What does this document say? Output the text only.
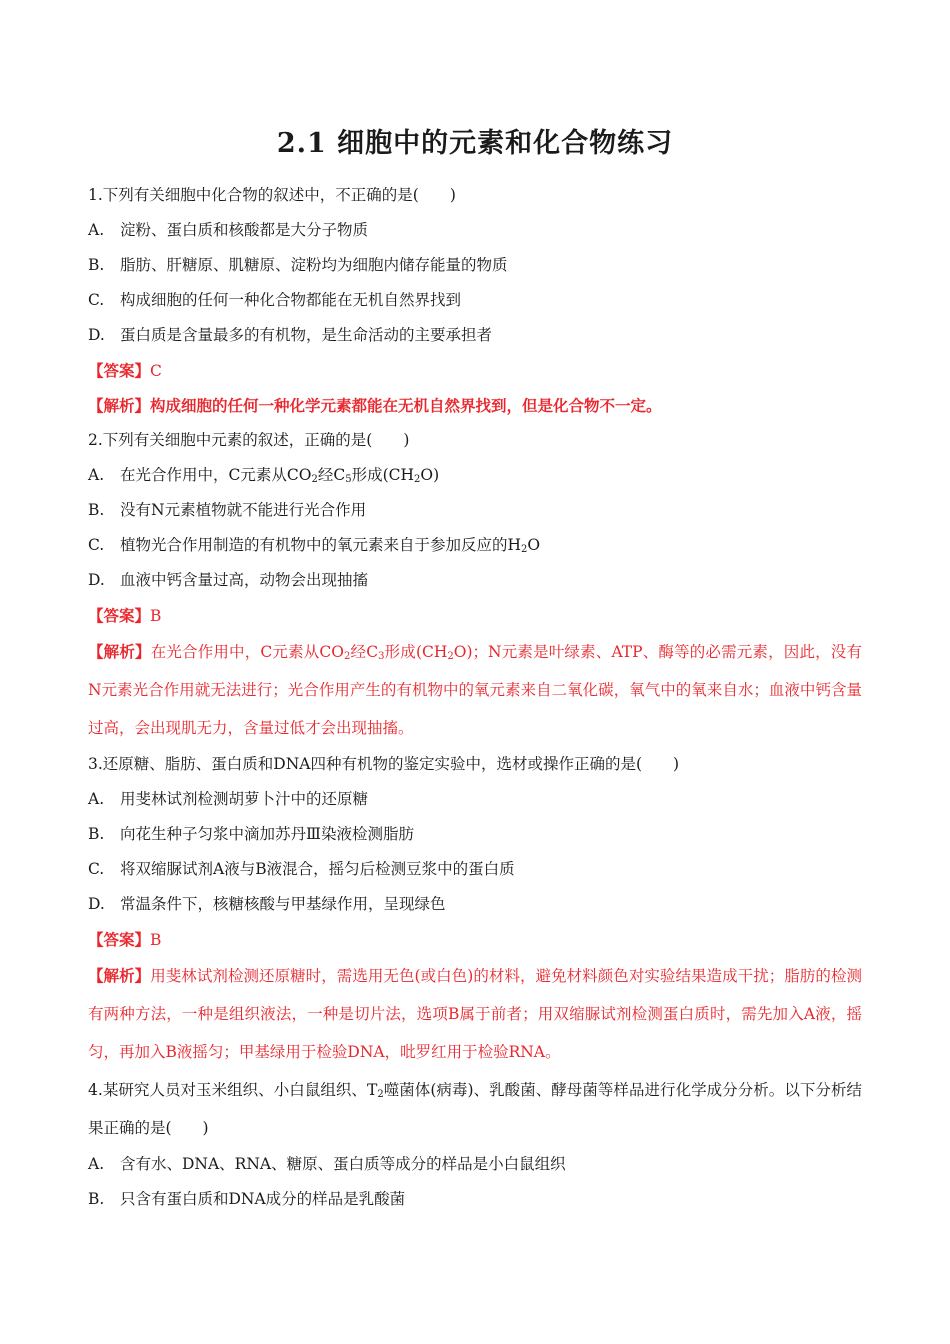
2.1 细胞中的元素和化合物练习
1.下列有关细胞中化合物的叙述中，不正确的是(　　)
A. 淀粉、蛋白质和核酸都是大分子物质
B. 脂肪、肝糖原、肌糖原、淀粉均为细胞内储存能量的物质
C. 构成细胞的任何一种化合物都能在无机自然界找到
D. 蛋白质是含量最多的有机物，是生命活动的主要承担者
【答案】C
【解析】构成细胞的任何一种化学元素都能在无机自然界找到，但是化合物不一定。
2.下列有关细胞中元素的叙述，正确的是(　　)
A. 在光合作用中，C元素从$CO_2$经$C_5$形成$(CH_2O)$
B. 没有N元素植物就不能进行光合作用
C. 植物光合作用制造的有机物中的氧元素来自于参加反应的$H_2O$
D. 血液中钙含量过高，动物会出现抽搐
【答案】B
【解析】在光合作用中，C元素从$CO_2$经$C_3$形成$(CH_2O)$；N元素是叶绿素、ATP、酶等的必需元素，因此，没有N元素光合作用就无法进行；光合作用产生的有机物中的氧元素来自二氧化碳，氧气中的氧来自水；血液中钙含量过高，会出现肌无力，含量过低才会出现抽搐。
3.还原糖、脂肪、蛋白质和DNA四种有机物的鉴定实验中，选材或操作正确的是(　　)
A. 用斐林试剂检测胡萝卜汁中的还原糖
B. 向花生种子匀浆中滴加苏丹Ⅲ染液检测脂肪
C. 将双缩脲试剂A液与B液混合，摇匀后检测豆浆中的蛋白质
D. 常温条件下，核糖核酸与甲基绿作用，呈现绿色
【答案】B
【解析】用斐林试剂检测还原糖时，需选用无色(或白色)的材料，避免材料颜色对实验结果造成干扰；脂肪的检测有两种方法，一种是组织液法，一种是切片法，选项B属于前者；用双缩脲试剂检测蛋白质时，需先加入A液，摇匀，再加入B液摇匀；甲基绿用于检验DNA，吡罗红用于检验RNA。
4.某研究人员对玉米组织、小白鼠组织、$T_2$噬菌体(病毒)、乳酸菌、酵母菌等样品进行化学成分分析。以下分析结果正确的是(　　)
A. 含有水、DNA、RNA、糖原、蛋白质等成分的样品是小白鼠组织
B. 只含有蛋白质和DNA成分的样品是乳酸菌
